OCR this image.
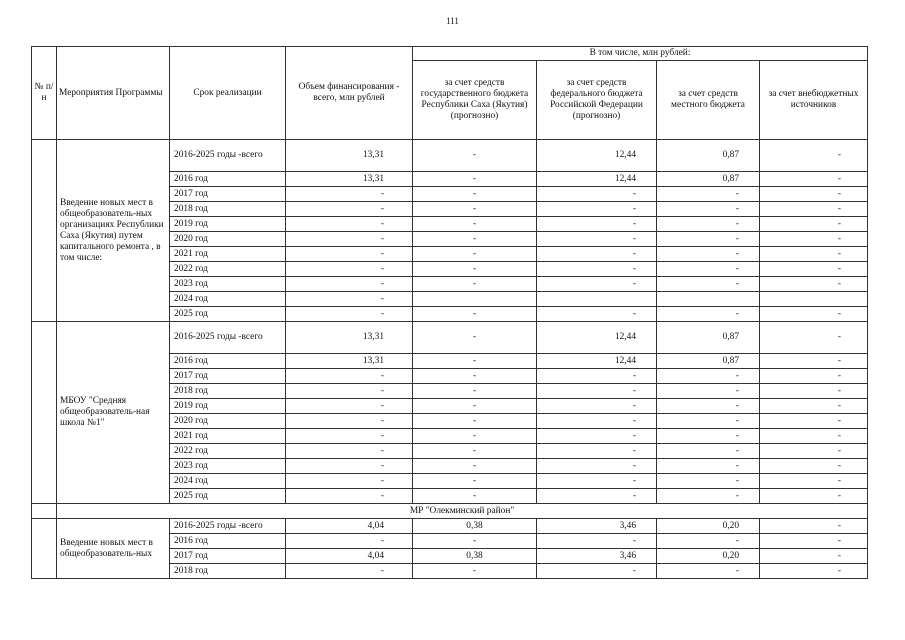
111
№ п/н	Мероприятия Программы	Срок реализации	Объем финансирования - всего, млн рублей	В том числе, млн рублей:			
				за счет средств государственного бюджета Республики Саха (Якутия) (прогнозно)	за счет средств федерального бюджета Российской Федерации (прогнозно)	за счет средств местного бюджета	за счет внебюджетных источников
	Введение новых мест в общеобразователь-ных организациях Республики Саха (Якутия) путем капитального ремонта , в том числе:	2016-2025 годы -всего	13,31	-	12,44	0,87	-
		2016 год	13,31	-	12,44	0,87	-
		2017 год	-	-	-	-	-
		2018 год	-	-	-	-	-
		2019 год	-	-	-	-	-
		2020 год	-	-	-	-	-
		2021 год	-	-	-	-	-
		2022 год	-	-	-	-	-
		2023 год	-	-	-	-	-
		2024 год	-				
		2025 год	-	-	-	-	-
	МБОУ "Средняя общеобразователь-ная школа №1"	2016-2025 годы -всего	13,31	-	12,44	0,87	-
		2016 год	13,31	-	12,44	0,87	-
		2017 год	-	-	-	-	-
		2018 год	-	-	-	-	-
		2019 год	-	-	-	-	-
		2020 год	-	-	-	-	-
		2021 год	-	-	-	-	-
		2022 год	-	-	-	-	-
		2023 год	-	-	-	-	-
		2024 год	-	-	-	-	-
		2025 год	-	-	-	-	-
	МР "Олекминский район"						
	Введение новых мест в общеобразователь-ных	2016-2025 годы -всего	4,04	0,38	3,46	0,20	-
		2016 год	-	-	-	-	-
		2017 год	4,04	0,38	3,46	0,20	-
		2018 год	-	-	-	-	-
